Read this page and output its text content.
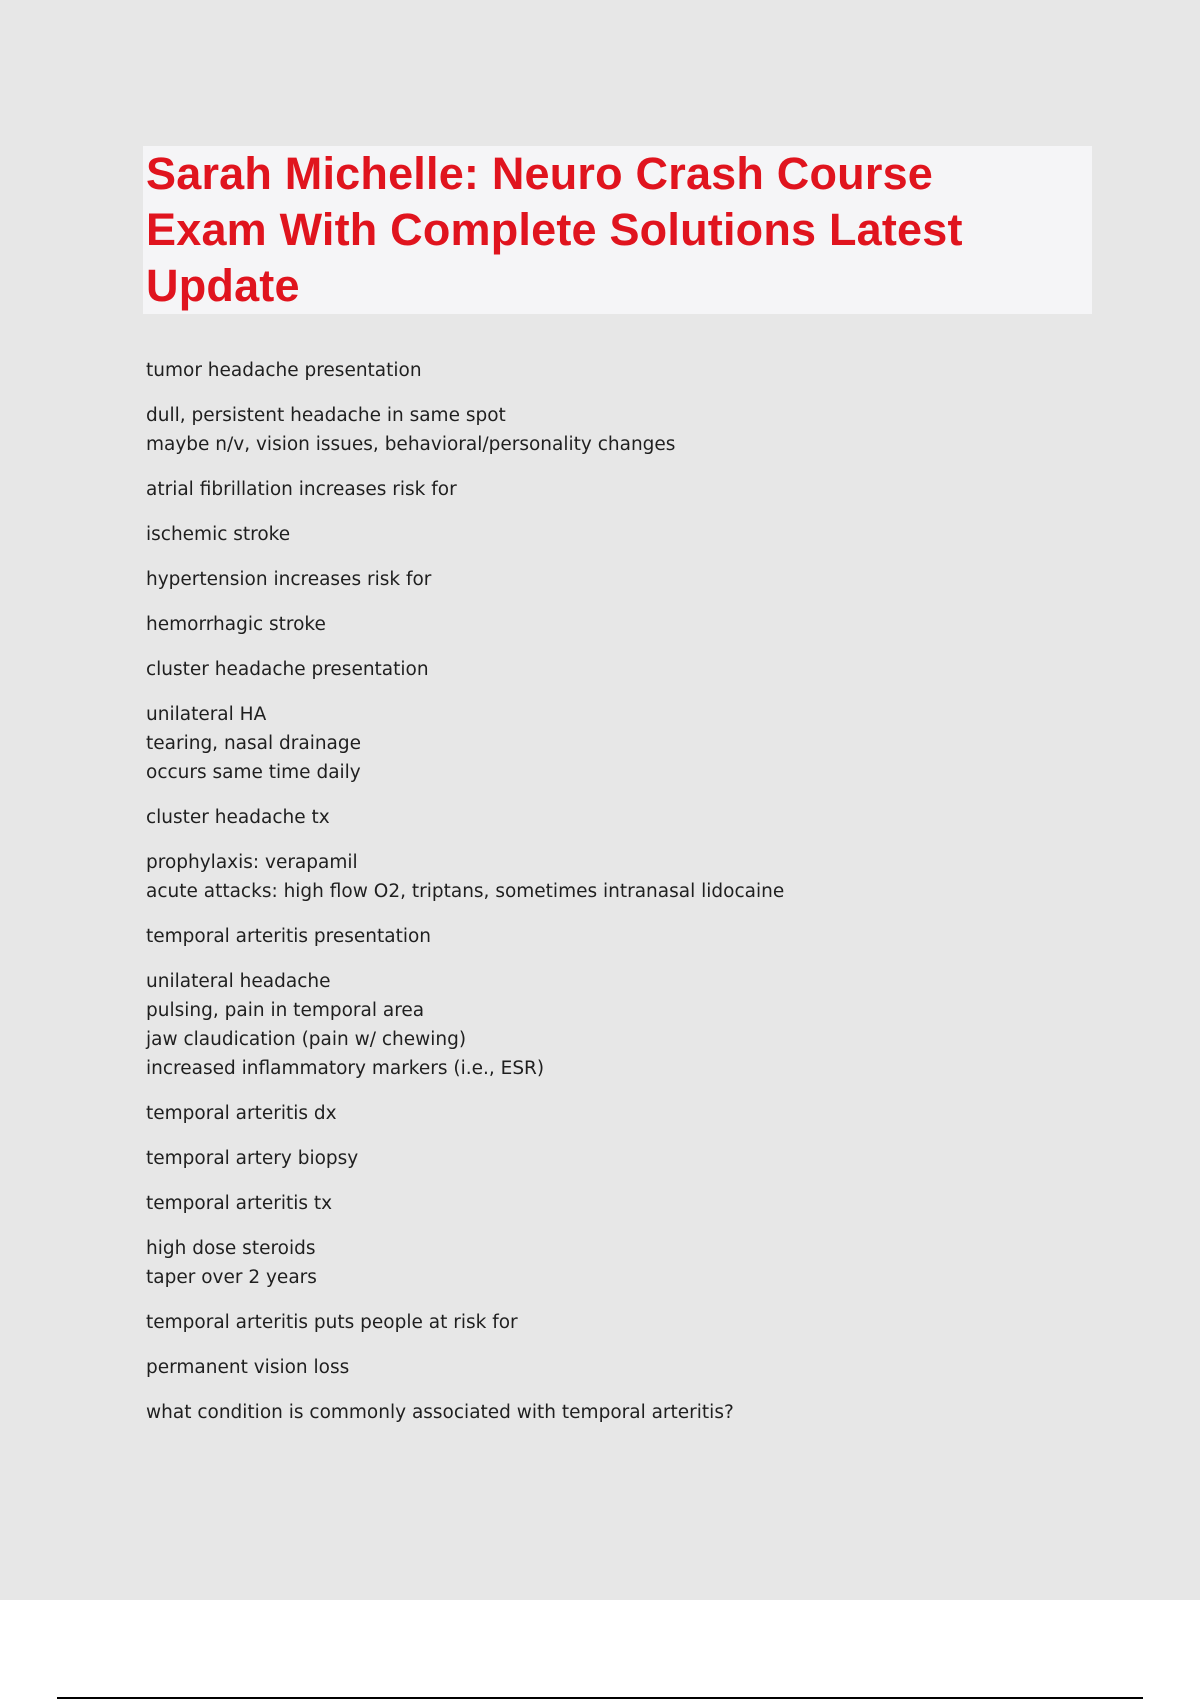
Sarah Michelle: Neuro Crash Course
Exam With Complete Solutions Latest
Update
tumor headache presentation
dull, persistent headache in same spot
maybe n/v, vision issues, behavioral/personality changes
atrial fibrillation increases risk for
ischemic stroke
hypertension increases risk for
hemorrhagic stroke
cluster headache presentation
unilateral HA
tearing, nasal drainage
occurs same time daily
cluster headache tx
prophylaxis: verapamil
acute attacks: high flow O2, triptans, sometimes intranasal lidocaine
temporal arteritis presentation
unilateral headache
pulsing, pain in temporal area
jaw claudication (pain w/ chewing)
increased inflammatory markers (i.e., ESR)
temporal arteritis dx
temporal artery biopsy
temporal arteritis tx
high dose steroids
taper over 2 years
temporal arteritis puts people at risk for
permanent vision loss
what condition is commonly associated with temporal arteritis?
